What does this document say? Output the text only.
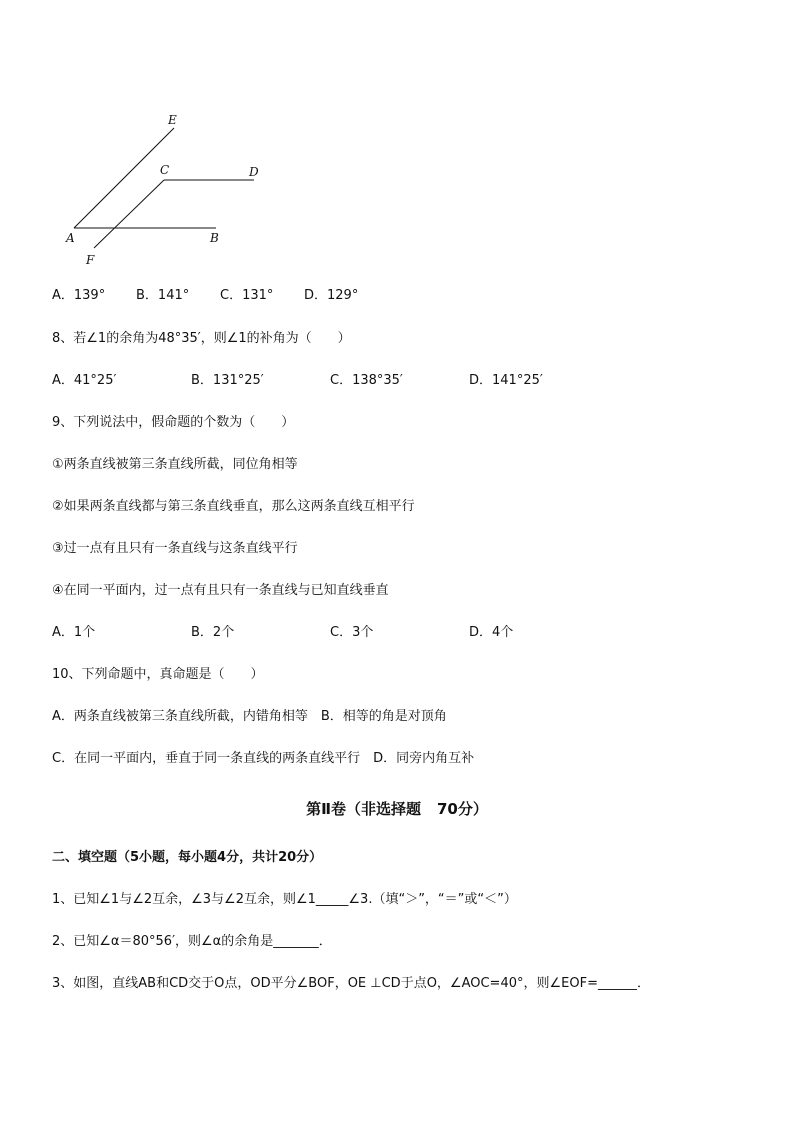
E
C	D
A	B
F
A．139° B．141° C．131° D．129°
8、若∠1的余角为48°35′，则∠1的补角为（　　）
A．41°25′	B．131°25′	C．138°35′	D．141°25′
9、下列说法中，假命题的个数为（　　）
①两条直线被第三条直线所截，同位角相等
②如果两条直线都与第三条直线垂直，那么这两条直线互相平行
③过一点有且只有一条直线与这条直线平行
④在同一平面内，过一点有且只有一条直线与已知直线垂直
A．1个	B．2个	C．3个	D．4个
10、下列命题中，真命题是（　　）
A．两条直线被第三条直线所截，内错角相等　B．相等的角是对顶角
C．在同一平面内，垂直于同一条直线的两条直线平行　D．同旁内角互补
第Ⅱ卷（非选择题 70分）
二、填空题（5小题，每小题4分，共计20分）
1、已知∠1与∠2互余，∠3与∠2互余，则∠1_____∠3.（填“＞”，“＝”或“＜”）
2、已知∠α＝80°56′，则∠α的余角是_______．
3、如图，直线AB和CD交于O点，OD平分∠BOF，OE ⊥CD于点O，∠AOC=40°，则∠EOF=______．
